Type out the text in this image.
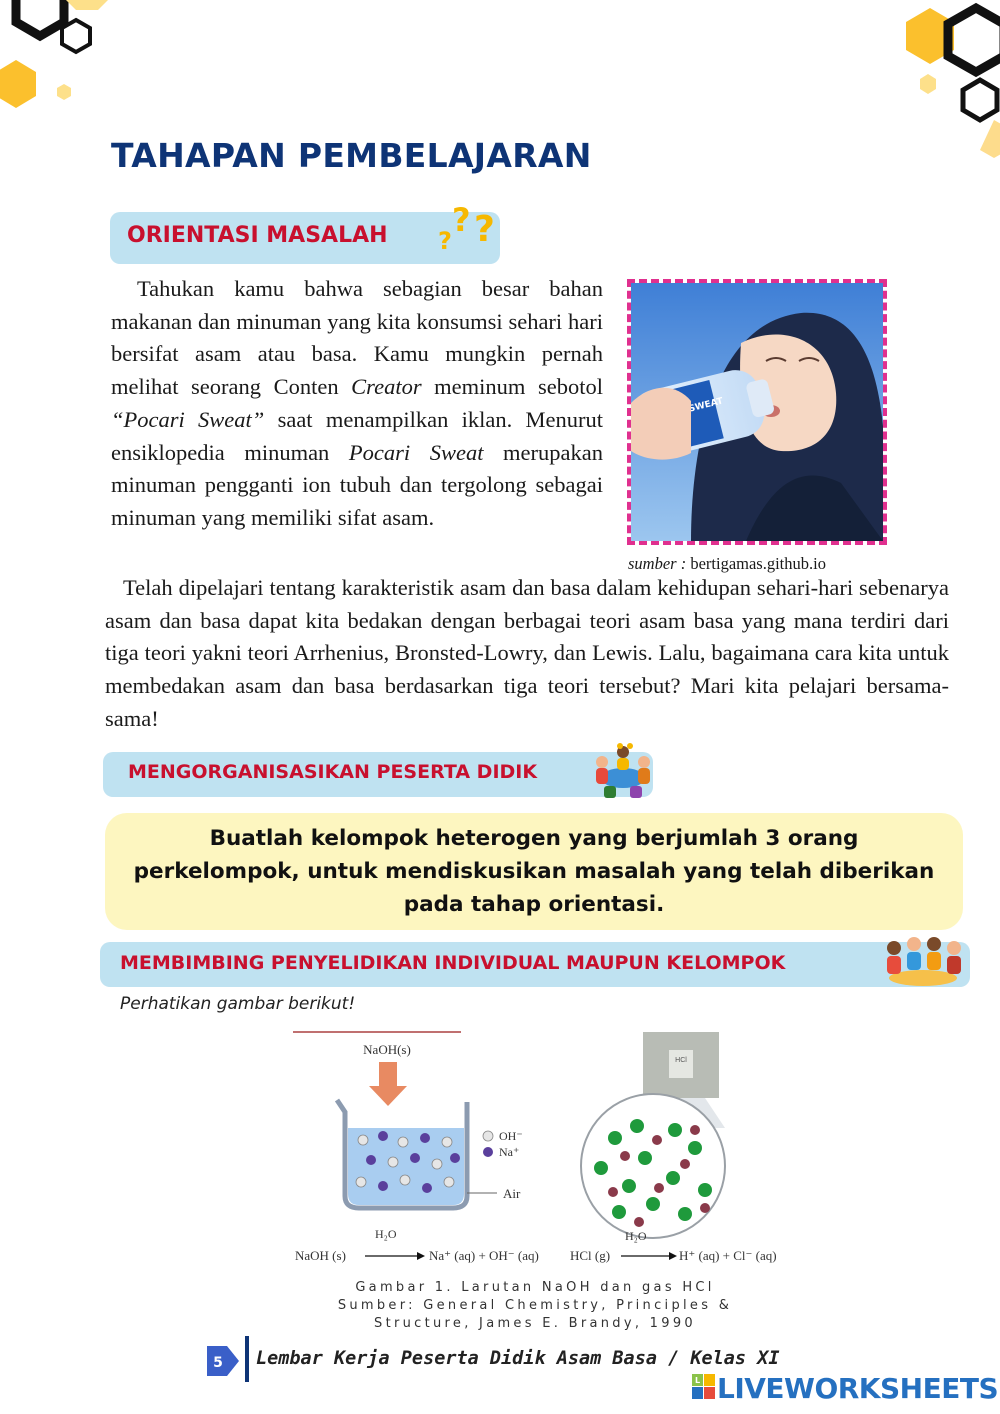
TAHAPAN PEMBELAJARAN
ORIENTASI MASALAH ?
? ?
Tahukan kamu bahwa sebagian besar bahan makanan dan minuman yang kita konsumsi sehari hari bersifat asam atau basa. Kamu mungkin pernah melihat seorang Conten Creator meminum sebotol “Pocari Sweat” saat menampilkan iklan. Menurut ensiklopedia minuman Pocari Sweat merupakan minuman pengganti ion tubuh dan tergolong sebagai minuman yang memiliki sifat asam.
SWEAT
sumber : bertigamas.github.io
Telah dipelajari tentang karakteristik asam dan basa dalam kehidupan sehari-hari sebenarya asam dan basa dapat kita bedakan dengan berbagai teori asam basa yang mana terdiri dari tiga teori yakni teori Arrhenius, Bronsted-Lowry, dan Lewis. Lalu, bagaimana cara kita untuk membedakan asam dan basa berdasarkan tiga teori tersebut? Mari kita pelajari bersama-sama!
MENGORGANISASIKAN PESERTA DIDIK
Buatlah kelompok heterogen yang berjumlah 3 orang
perkelompok, untuk mendiskusikan masalah yang telah diberikan
pada tahap orientasi.
MEMBIMBING PENYELIDIKAN INDIVIDUAL MAUPUN KELOMPOK
Perhatikan gambar berikut!
NaOH(s)
OH⁻
Na⁺
Air
HCl
NaOH (s)
H₂O
Na⁺ (aq) + OH⁻ (aq) HCl (g)
H₂O
H⁺ (aq) + Cl⁻ (aq)
Gambar 1. Larutan NaOH dan gas HCl
Sumber: General Chemistry, Principles &
Structure, James E. Brandy, 1990
5 Lembar Kerja Peserta Didik Asam Basa / Kelas XI
L LIVEWORKSHEETS
